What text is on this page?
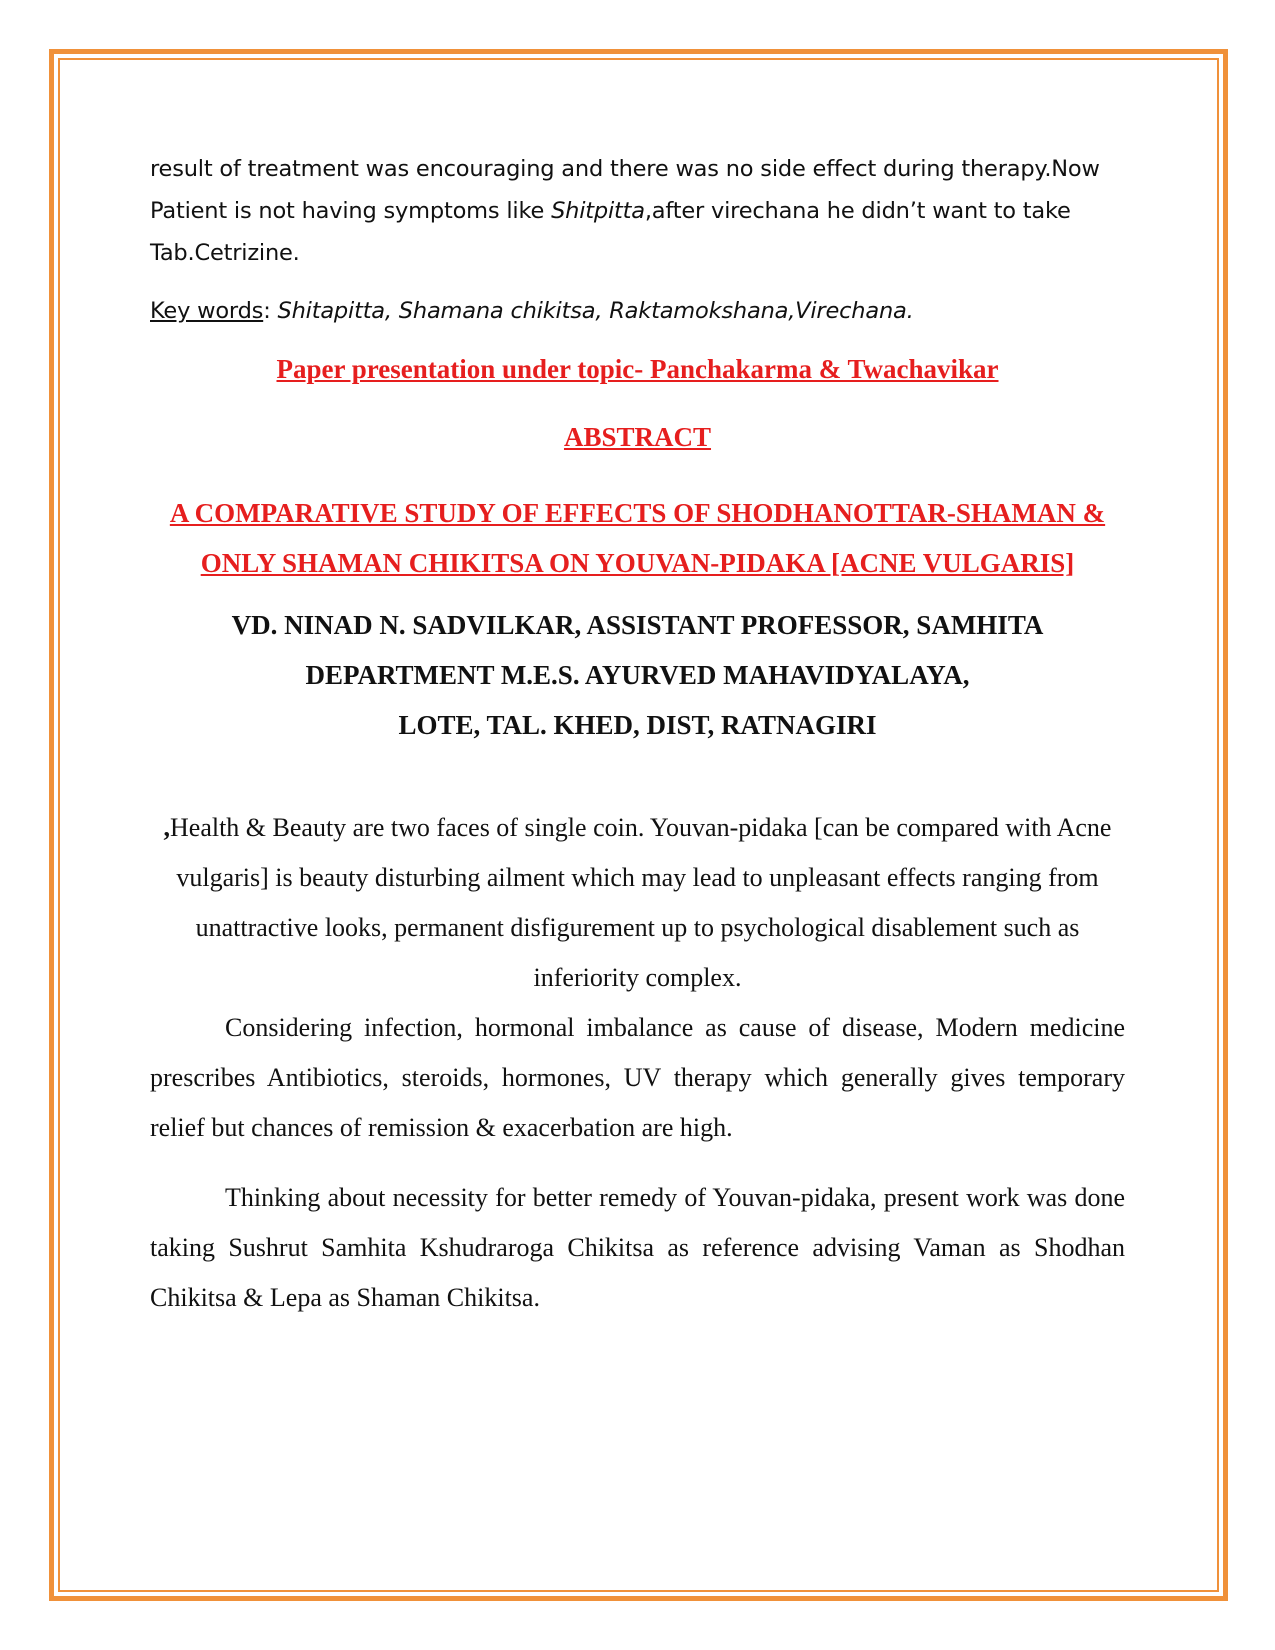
result of treatment was encouraging and there was no side effect during therapy.Now Patient is not having symptoms like Shitpitta,after virechana he didn’t want to take Tab.Cetrizine.

Key words: Shitapitta, Shamana chikitsa, Raktamokshana,Virechana.

Paper presentation under topic- Panchakarma & Twachavikar

ABSTRACT

A COMPARATIVE STUDY OF EFFECTS OF SHODHANOTTAR-SHAMAN & ONLY SHAMAN CHIKITSA ON YOUVAN-PIDAKA [ACNE VULGARIS]

VD. NINAD N. SADVILKAR, ASSISTANT PROFESSOR, SAMHITA
DEPARTMENT M.E.S. AYURVED MAHAVIDYALAYA,
LOTE, TAL. KHED, DIST, RATNAGIRI

,Health & Beauty are two faces of single coin. Youvan-pidaka [can be compared with Acne vulgaris] is beauty disturbing ailment which may lead to unpleasant effects ranging from unattractive looks, permanent disfigurement up to psychological disablement such as inferiority complex.

Considering infection, hormonal imbalance as cause of disease, Modern medicine prescribes Antibiotics, steroids, hormones, UV therapy which generally gives temporary relief but chances of remission & exacerbation are high.

Thinking about necessity for better remedy of Youvan-pidaka, present work was done taking Sushrut Samhita Kshudraroga Chikitsa as reference advising Vaman as Shodhan Chikitsa & Lepa as Shaman Chikitsa.
